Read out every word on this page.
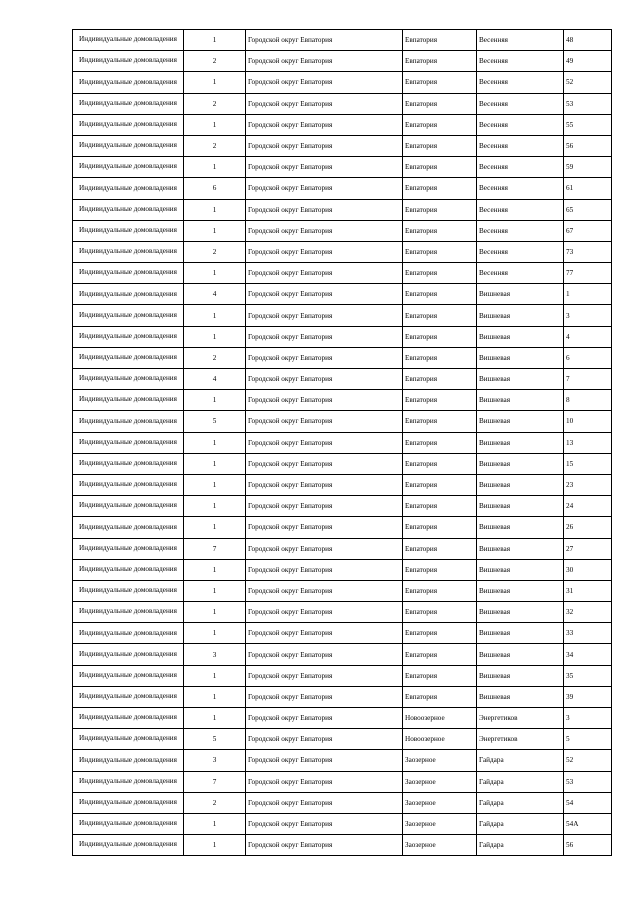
Индивидуальные домовладения	1	Городской округ Евпатория	Евпатория	Весенняя	48
Индивидуальные домовладения	2	Городской округ Евпатория	Евпатория	Весенняя	49
Индивидуальные домовладения	1	Городской округ Евпатория	Евпатория	Весенняя	52
Индивидуальные домовладения	2	Городской округ Евпатория	Евпатория	Весенняя	53
Индивидуальные домовладения	1	Городской округ Евпатория	Евпатория	Весенняя	55
Индивидуальные домовладения	2	Городской округ Евпатория	Евпатория	Весенняя	56
Индивидуальные домовладения	1	Городской округ Евпатория	Евпатория	Весенняя	59
Индивидуальные домовладения	6	Городской округ Евпатория	Евпатория	Весенняя	61
Индивидуальные домовладения	1	Городской округ Евпатория	Евпатория	Весенняя	65
Индивидуальные домовладения	1	Городской округ Евпатория	Евпатория	Весенняя	67
Индивидуальные домовладения	2	Городской округ Евпатория	Евпатория	Весенняя	73
Индивидуальные домовладения	1	Городской округ Евпатория	Евпатория	Весенняя	77
Индивидуальные домовладения	4	Городской округ Евпатория	Евпатория	Вишневая	1
Индивидуальные домовладения	1	Городской округ Евпатория	Евпатория	Вишневая	3
Индивидуальные домовладения	1	Городской округ Евпатория	Евпатория	Вишневая	4
Индивидуальные домовладения	2	Городской округ Евпатория	Евпатория	Вишневая	6
Индивидуальные домовладения	4	Городской округ Евпатория	Евпатория	Вишневая	7
Индивидуальные домовладения	1	Городской округ Евпатория	Евпатория	Вишневая	8
Индивидуальные домовладения	5	Городской округ Евпатория	Евпатория	Вишневая	10
Индивидуальные домовладения	1	Городской округ Евпатория	Евпатория	Вишневая	13
Индивидуальные домовладения	1	Городской округ Евпатория	Евпатория	Вишневая	15
Индивидуальные домовладения	1	Городской округ Евпатория	Евпатория	Вишневая	23
Индивидуальные домовладения	1	Городской округ Евпатория	Евпатория	Вишневая	24
Индивидуальные домовладения	1	Городской округ Евпатория	Евпатория	Вишневая	26
Индивидуальные домовладения	7	Городской округ Евпатория	Евпатория	Вишневая	27
Индивидуальные домовладения	1	Городской округ Евпатория	Евпатория	Вишневая	30
Индивидуальные домовладения	1	Городской округ Евпатория	Евпатория	Вишневая	31
Индивидуальные домовладения	1	Городской округ Евпатория	Евпатория	Вишневая	32
Индивидуальные домовладения	1	Городской округ Евпатория	Евпатория	Вишневая	33
Индивидуальные домовладения	3	Городской округ Евпатория	Евпатория	Вишневая	34
Индивидуальные домовладения	1	Городской округ Евпатория	Евпатория	Вишневая	35
Индивидуальные домовладения	1	Городской округ Евпатория	Евпатория	Вишневая	39
Индивидуальные домовладения	1	Городской округ Евпатория	Новоозерное	Энергетиков	3
Индивидуальные домовладения	5	Городской округ Евпатория	Новоозерное	Энергетиков	5
Индивидуальные домовладения	3	Городской округ Евпатория	Заозерное	Гайдара	52
Индивидуальные домовладения	7	Городской округ Евпатория	Заозерное	Гайдара	53
Индивидуальные домовладения	2	Городской округ Евпатория	Заозерное	Гайдара	54
Индивидуальные домовладения	1	Городской округ Евпатория	Заозерное	Гайдара	54А
Индивидуальные домовладения	1	Городской округ Евпатория	Заозерное	Гайдара	56
